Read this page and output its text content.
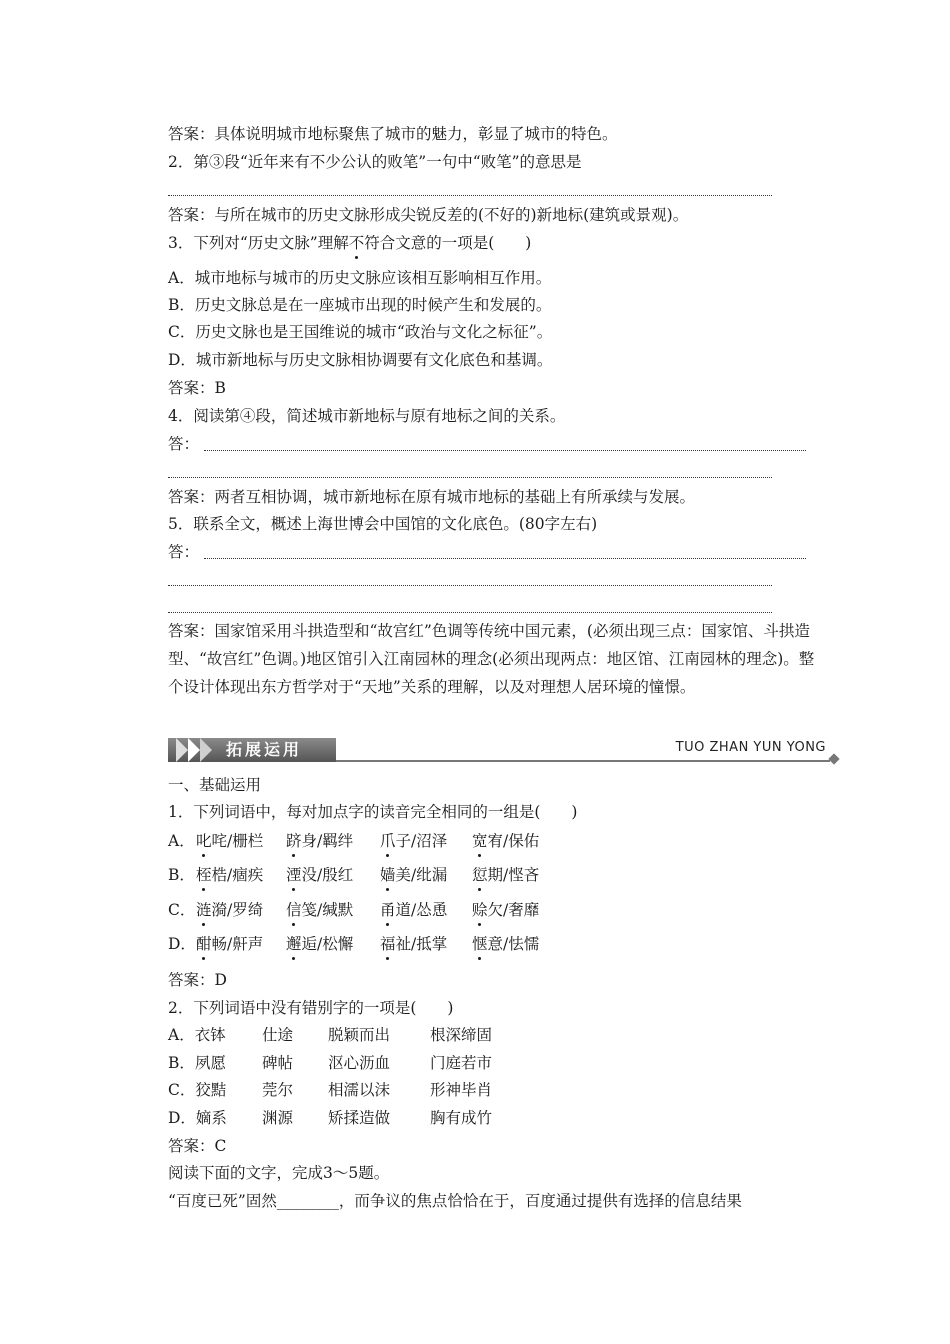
答案：具体说明城市地标聚焦了城市的魅力，彰显了城市的特色。
2．第③段“近年来有不少公认的败笔”一句中“败笔”的意思是
答案：与所在城市的历史文脉形成尖锐反差的(不好的)新地标(建筑或景观)。
3．下列对“历史文脉”理解不符合文意的一项是(　　)
A．城市地标与城市的历史文脉应该相互影响相互作用。
B．历史文脉总是在一座城市出现的时候产生和发展的。
C．历史文脉也是王国维说的城市“政治与文化之标征”。
D．城市新地标与历史文脉相协调要有文化底色和基调。
答案：B
4．阅读第④段，简述城市新地标与原有地标之间的关系。
答：
答案：两者互相协调，城市新地标在原有城市地标的基础上有所承续与发展。
5．联系全文，概述上海世博会中国馆的文化底色。(80字左右)
答：
答案：国家馆采用斗拱造型和“故宫红”色调等传统中国元素，(必须出现三点：国家馆、斗拱造型、“故宫红”色调。)地区馆引入江南园林的理念(必须出现两点：地区馆、江南园林的理念)。整个设计体现出东方哲学对于“天地”关系的理解，以及对理想人居环境的憧憬。
拓展运用	TUO ZHAN YUN YONG
一、基础运用
1．下列词语中，每对加点字的读音完全相同的一组是(　　)
A． 叱咤/栅栏 跻身/羁绊 爪子/沼泽 宽宥/保佑
B． 桎梏/痼疾 湮没/殷红 嫱美/纰漏 愆期/悭吝
C． 涟漪/罗绮 信笺/缄默 甬道/怂恿 赊欠/奢靡
D． 酣畅/鼾声 邂逅/松懈 福祉/抵掌 惬意/怯懦
答案：D
2．下列词语中没有错别字的一项是(　　)
A．衣钵 仕途 脱颖而出	根深缔固
B．夙愿 碑帖 沤心沥血	门庭若市
C．狡黠 莞尔 相濡以沫	形神毕肖
D．嫡系 渊源 矫揉造做	胸有成竹
答案：C
阅读下面的文字，完成3～5题。
“百度已死”固然________，而争议的焦点恰恰在于，百度通过提供有选择的信息结果
